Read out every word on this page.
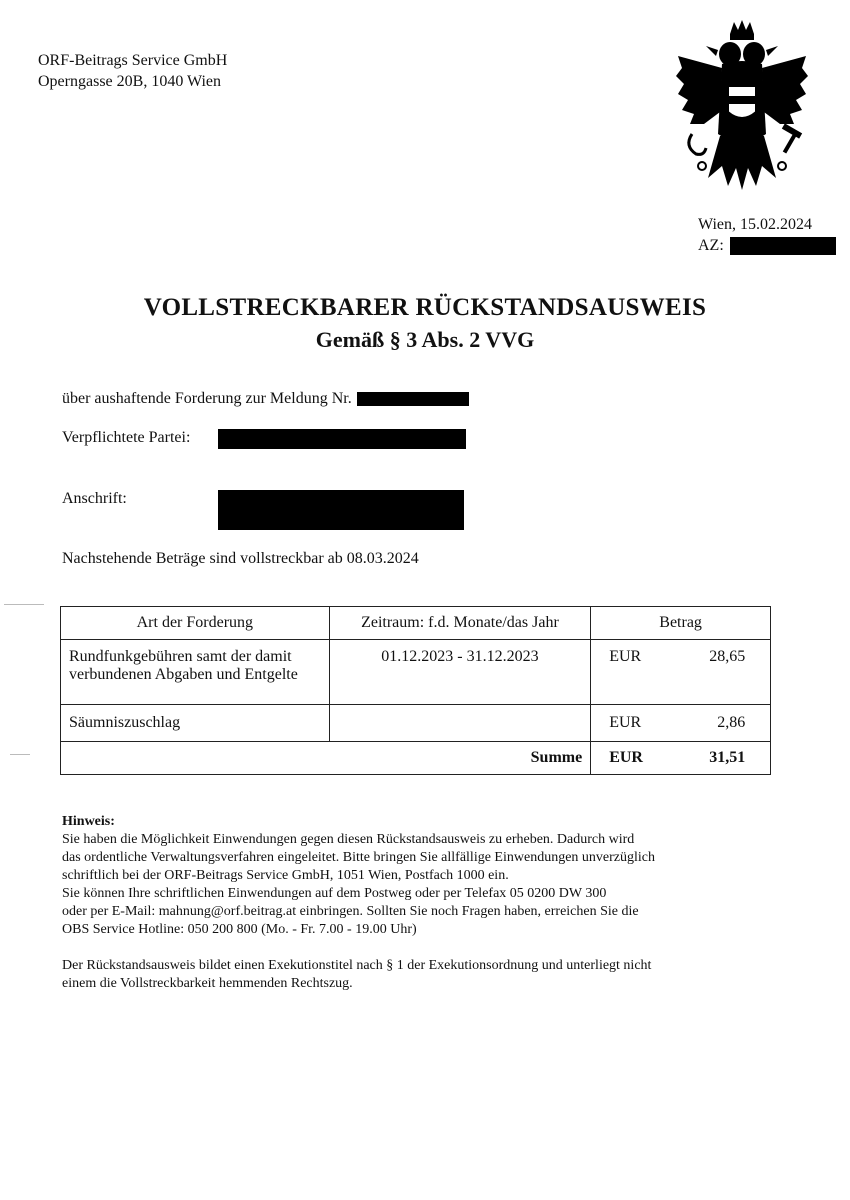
ORF-Beitrags Service GmbH
Operngasse 20B, 1040 Wien
Wien, 15.02.2024
AZ:
VOLLSTRECKBARER RÜCKSTANDSAUSWEIS
Gemäß § 3 Abs. 2 VVG
über aushaftende Forderung zur Meldung Nr.
Verpflichtete Partei:
Anschrift:
Nachstehende Beträge sind vollstreckbar ab 08.03.2024
Art der Forderung	Zeitraum: f.d. Monate/das Jahr	Betrag

Rundfunkgebühren samt der damit
verbundenen Abgaben und Entgelte	01.12.2023 - 31.12.2023	EUR 28,65
Säumniszuschlag		EUR 2,86
Summe		EUR 31,51

Hinweis:

Sie haben die Möglichkeit Einwendungen gegen diesen Rückstandsausweis zu erheben. Dadurch wird

das ordentliche Verwaltungsverfahren eingeleitet. Bitte bringen Sie allfällige Einwendungen unverzüglich

schriftlich bei der ORF-Beitrags Service GmbH, 1051 Wien, Postfach 1000 ein.

Sie können Ihre schriftlichen Einwendungen auf dem Postweg oder per Telefax 05 0200 DW 300

oder per E-Mail: mahnung@orf.beitrag.at einbringen. Sollten Sie noch Fragen haben, erreichen Sie die

OBS Service Hotline: 050 200 800 (Mo. - Fr. 7.00 - 19.00 Uhr)

Der Rückstandsausweis bildet einen Exekutionstitel nach § 1 der Exekutionsordnung und unterliegt nicht

einem die Vollstreckbarkeit hemmenden Rechtszug.
